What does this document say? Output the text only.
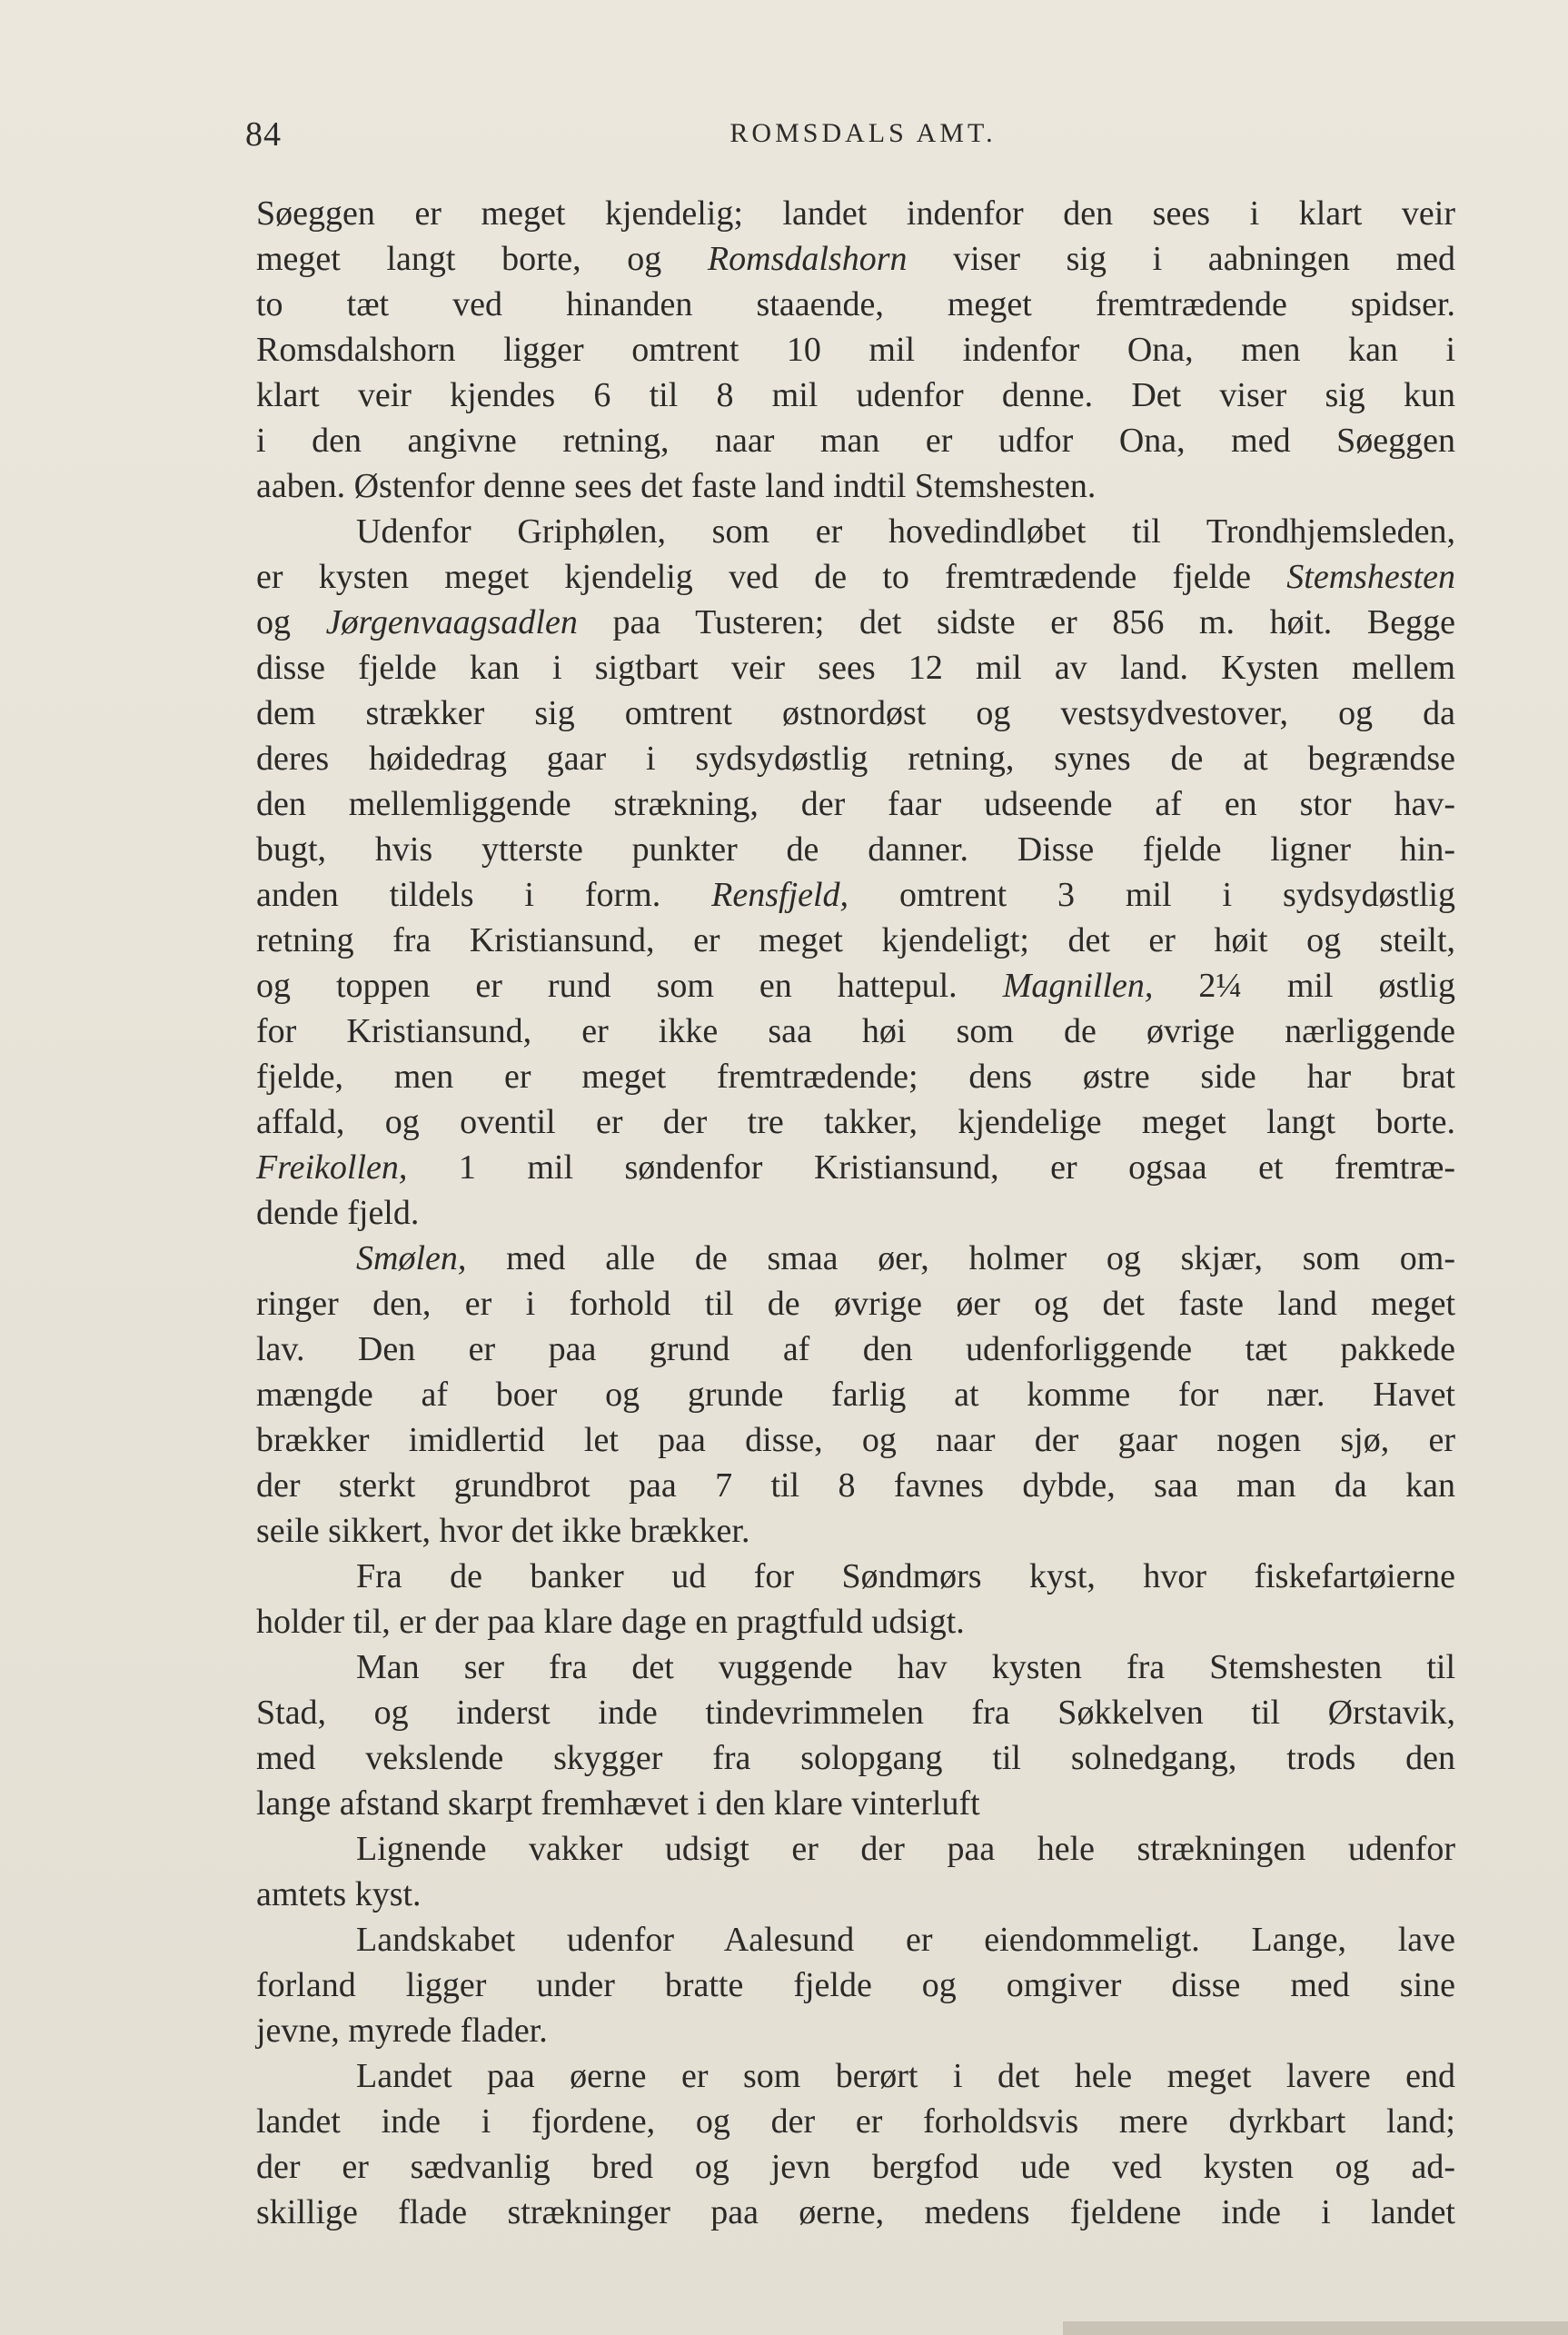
84	ROMSDALS AMT.
Søeggen er meget kjendelig; landet indenfor den sees i klart veir
meget langt borte, og Romsdalshorn viser sig i aabningen med
to tæt ved hinanden staaende, meget fremtrædende spidser.
Romsdalshorn ligger omtrent 10 mil indenfor Ona, men kan i
klart veir kjendes 6 til 8 mil udenfor denne. Det viser sig kun
i den angivne retning, naar man er udfor Ona, med Søeggen
aaben. Østenfor denne sees det faste land indtil Stemshesten.
Udenfor Griphølen, som er hovedindløbet til Trondhjemsleden,
er kysten meget kjendelig ved de to fremtrædende fjelde Stemshesten
og Jørgenvaagsadlen paa Tusteren; det sidste er 856 m. høit. Begge
disse fjelde kan i sigtbart veir sees 12 mil av land. Kysten mellem
dem strækker sig omtrent østnordøst og vestsydvestover, og da
deres høidedrag gaar i sydsydøstlig retning, synes de at begrændse
den mellemliggende strækning, der faar udseende af en stor hav-
bugt, hvis ytterste punkter de danner. Disse fjelde ligner hin-
anden tildels i form. Rensfjeld, omtrent 3 mil i sydsydøstlig
retning fra Kristiansund, er meget kjendeligt; det er høit og steilt,
og toppen er rund som en hattepul. Magnillen, 2¼ mil østlig
for Kristiansund, er ikke saa høi som de øvrige nærliggende
fjelde, men er meget fremtrædende; dens østre side har brat
affald, og oventil er der tre takker, kjendelige meget langt borte.
Freikollen, 1 mil søndenfor Kristiansund, er ogsaa et fremtræ-
dende fjeld.
Smølen, med alle de smaa øer, holmer og skjær, som om-
ringer den, er i forhold til de øvrige øer og det faste land meget
lav. Den er paa grund af den udenforliggende tæt pakkede
mængde af boer og grunde farlig at komme for nær. Havet
brækker imidlertid let paa disse, og naar der gaar nogen sjø, er
der sterkt grundbrot paa 7 til 8 favnes dybde, saa man da kan
seile sikkert, hvor det ikke brækker.
Fra de banker ud for Søndmørs kyst, hvor fiskefartøierne
holder til, er der paa klare dage en pragtfuld udsigt.
Man ser fra det vuggende hav kysten fra Stemshesten til
Stad, og inderst inde tindevrimmelen fra Søkkelven til Ørstavik,
med vekslende skygger fra solopgang til solnedgang, trods den
lange afstand skarpt fremhævet i den klare vinterluft
Lignende vakker udsigt er der paa hele strækningen udenfor
amtets kyst.
Landskabet udenfor Aalesund er eiendommeligt. Lange, lave
forland ligger under bratte fjelde og omgiver disse med sine
jevne, myrede flader.
Landet paa øerne er som berørt i det hele meget lavere end
landet inde i fjordene, og der er forholdsvis mere dyrkbart land;
der er sædvanlig bred og jevn bergfod ude ved kysten og ad-
skillige flade strækninger paa øerne, medens fjeldene inde i landet
